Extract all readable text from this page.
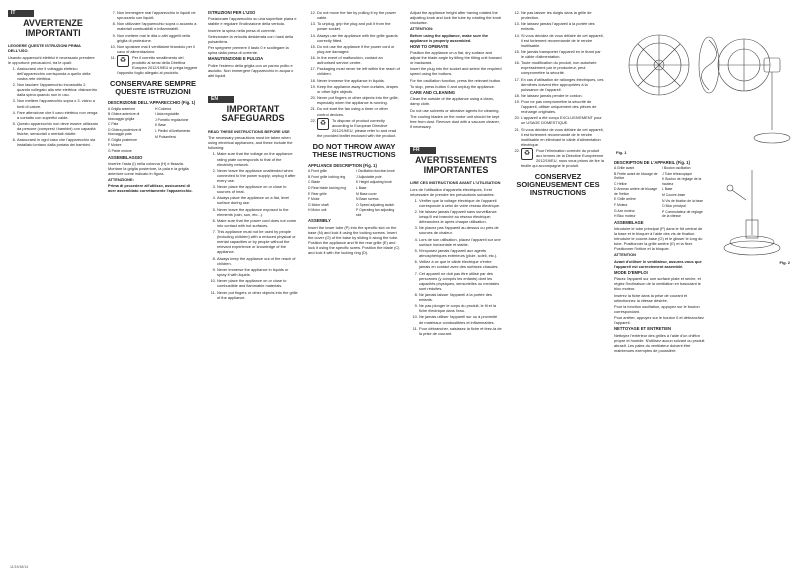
IT
AVVERTENZE IMPORTANTI

LEGGERE QUESTE ISTRUZIONI PRIMA DELL'USO.

Usando apparecchi elettrici è necessario prendere le opportune precauzioni, tra le quali:

1. Assicurarsi che il voltaggio elettrico dell'apparecchio corrisponda a quello della vostra rete elettrica.
2. Non lasciare l'apparecchio incustodito 2. quando collegato alla rete elettrica: disinserirlo dalla spina quando non in uso.
3. Non mettere l'apparecchio sopra o 3. vicino a fonti di calore.
4. Fare attenzione che il cavo elettrico non venga a contatto con superfici calde.
5. Questo apparecchio non deve essere utilizzato da persone (compresi i bambini) con capacità fisiche, sensoriali o mentali ridotte.
6. Assicurarsi in ogni caso che l'apparecchio sia installato lontano dalla portata dei bambini.
7. Non immergere mai l'apparecchio in liquidi né spruzzarlo con liquidi.
8. Non utilizzare l'apparecchio sopra o accanto a materiali combustibili e infiammabili.
9. Non mettere mai le dita o altri oggetti nella griglia di protezione.
10. Non spostare mai il ventilatore tirandolo per il cavo di alimentazione.
11. ♻	Per il corretto smaltimento del prodotto ai sensi della Direttiva Europea 2012/19/EU si prega leggere l'apposito foglio allegato al prodotto.
CONSERVARE SEMPRE QUESTE ISTRUZIONI

DESCRIZIONE DELL'APPARECCHIO (Fig. 1)

A Griglia anteriore
B Ghiera anteriore di bloccaggio griglia
C Pala
D Ghiera posteriore di bloccaggio pala
E Griglia posteriore
F Motore
G Piede motore
H Colonna
I Asta regolabile
J Pomello regolazione
K Base
L Piedini di livellamento
M Pulsantiera

ASSEMBLAGGIO

Inserire l'asta (I) nella colonna (H) e fissarla. Montare la griglia posteriore, la pala e la griglia anteriore come indicato in figura.

ATTENZIONE:

Prima di procedere all'utilizzo, assicurarsi di aver assemblato correttamente l'apparecchio.

ISTRUZIONI PER L'USO

Posizionare l'apparecchio su una superficie piana e stabile e regolare l'inclinazione della ventola.

Inserire la spina nella presa di corrente.

Selezionare la velocità desiderata con i tasti della pulsantiera.

Per spegnere premere il tasto 0 e scollegare la spina dalla presa di corrente.

MANUTENZIONE E PULIZIA

Pulire l'esterno della griglia con un panno pulito e asciutto. Non immergere l'apparecchio in acqua o altri liquidi.

EN
IMPORTANT SAFEGUARDS

READ THESE INSTRUCTIONS BEFORE USE

The necessary precautions must be taken when using electrical appliances, and these include the following:

1. Make sure that the voltage on the appliance rating plate corresponds to that of the electricity network.
2. Never leave the appliance unattended when connected to the power supply; unplug it after every use.
3. Never place the appliance on or close to sources of heat.
4. Always place the appliance on a flat, level surface during use.
5. Never leave the appliance exposed to the elements (rain, sun, etc...).
6. Make sure that the power cord does not come into contact with hot surfaces.
7. This appliance must not be used by people (including children) with a reduced physical or mental capacities or by people without the relevant experience or knowledge of the appliance.
8. Always keep the appliance out of the reach of children.
9. Never immerse the appliance in liquids or spray it with liquids.
10. Never place the appliance on or close to combustible and flammable materials.
11. Never put fingers or other objects into the grille of the appliance.
12. Do not move the fan by pulling it by the power cable.
13. To unplug, grip the plug and pull it from the power socket.
14. Always use the appliance with the grille guards correctly fitted.
15. Do not use the appliance if the power cord or plug are damaged.
16. In the event of malfunction, contact an authorised service centre.
17. Packaging must never be left within the reach of children.
18. Never immerse the appliance in liquids.
19. Keep the appliance away from curtains, drapes or other light objects.
20. Never put fingers or other objects into the grille, especially when the appliance is running.
21. Do not start the fan using a timer or other control devices.
22. ♻	To dispose of product correctly according to European Directive 2012/19/EU, please refer to and read the provided leaflet enclosed with the product.
DO NOT THROW AWAY THESE INSTRUCTIONS

APPLIANCE DESCRIPTION (Fig. 1)

A Front grille
B Front grille locking ring
C Blade
D Rear blade locking ring
E Rear grille
F Motor
G Motor shaft
H Motor unit
I Oscillation function knob
J Adjustable pole
K Height adjusting knob
L Base
M Base cover
N Base screws
O Speed adjusting switch
P Operating fan adjusting slot

ASSEMBLY

Insert the lower tube (P) into the specific slot on the base (N) and lock it using the locking screws. Insert the cover (O) of the base by sliding it along the tube. Position the appliance and fit the rear grille (E) and lock it using the specific screw. Position the blade (C) and lock it with the locking ring (D).

Adjust the appliance height after having rotated the adjusting knob and lock the tube by rotating the knob clockwise.

ATTENTION:

Before using the appliance, make sure the appliance is properly assembled.

HOW TO OPERATE

Position the appliance on a flat, dry surface and adjust the blade angle by tilting the tilting unit forward or backward.

Insert the plug into the socket and select the required speed using the buttons.

For the oscillation function, press the relevant button.

To stop, press button 0 and unplug the appliance.

CARE AND CLEANING

Clean the outside of the appliance using a clean, damp cloth.

Do not use solvents or abrasive agents for cleaning.

The cooling blades on the motor unit should be kept free from dust. Remove dust with a vacuum cleaner, if necessary.

FR
AVERTISSEMENTS IMPORTANTES

LIRE CES INSTRUCTIONS AVANT L'UTILISATION

Lors de l'utilisation d'appareils électriques, il est nécessaire de prendre les précautions suivantes:

1. Vérifier que la voltage électrique de l'appareil corresponde à celui de votre réseau électrique.
2. Ne laissez jamais l'appareil sans surveillance lorsqu'il est branché au réseau électrique; débranchez-le après chaque utilisation.
3. Ne placez pas l'appareil au-dessus ou près de sources de chaleur.
4. Lors de son utilisation, placez l'appareil sur une surface horizontale et stable.
5. N'exposez jamais l'appareil aux agents atmosphériques extérieurs (pluie, soleil, etc.).
6. Veillez à ce que le câble électrique n'entre jamais en contact avec des surfaces chaudes.
7. Cet appareil ne doit pas être utilisé par des personnes (y compris les enfants) dont les capacités physiques, sensorielles ou mentales sont réduites.
8. Ne jamais laisser l'appareil à la portée des enfants.
9. Ne pas plonger le corps du produit, le fil et la fiche électrique dans l'eau.
10. Ne jamais utiliser l'appareil sur ou à proximité de matériaux combustibles et inflammables.
11. Pour débrancher, saisissez la fiche et tirez-la de la prise de courant.
12. Ne pas laisser les doigts dans la grille de protection.
13. Ne laissez jamais l'appareil à la portée des enfants.
14. Si vous décidez de vous défaire de cet appareil, il est fortement recommandé de le rendre inutilisable.
15. Ne jamais transporter l'appareil en le tirant par le câble d'alimentation.
16. Toute modification du produit, non autorisée expressément par le producteur, peut compromettre la sécurité.
17. En cas d'utilisation de rallonges électriques, ces dernières doivent être appropriées à la puissance de l'appareil.
18. Ne laissez jamais pendre le cordon.
19. Pour ne pas compromettre la sécurité de l'appareil, utiliser uniquement des pièces de rechange originales.
20. L'appareil a été conçu EXCLUSIVEMENT pour un USAGE DOMESTIQUE.
21. Si vous décidez de vous défaire de cet appareil, il est fortement recommandé de le rendre inutilisable en éliminant le câble d'alimentation électrique.
22. ♻	Pour l'élimination correcte du produit aux termes de la Directive Européenne 2012/19/EU, nous vous prions de lire la feuille qui accompagne le produit.
CONSERVEZ SOIGNEUSEMENT CES INSTRUCTIONS
Fig. 1

DESCRIPTION DE L'APPAREIL (Fig. 1)

A Grille avant
B Frette avant de blocage de l'hélice
C Hélice
D Anneau arrière de blocage de l'hélice
E Grille arrière
F Moteur
G Axe moteur
H Bloc moteur
I Bouton oscillation
J Tube télescopique
K Bouton de réglage de la hauteur
L Base
M Couvre-base
N Vis de fixation de la base
O Bloc principal
P Commutateur de réglage de la vitesse

ASSEMBLAGE

Introduire le tube principal (P) dans le fût central de la base et le bloquer à l'aide des vis de fixation. Introduire le couvre-base (O) et le glisser le long du tube. Positionner la grille arrière (E) et la fixer. Positionner l'hélice et la bloquer.

ATTENTION

Avant d'utiliser le ventilateur, assurez-vous que l'appareil est correctement assemblé.

MODE D'EMPLOI

Placez l'appareil sur une surface plate et sèche, et réglez l'inclinaison de la ventilation en basculant le bloc moteur.

Insérez la fiche dans la prise de courant et sélectionnez la vitesse désirée.

Pour la fonction oscillation, appuyez sur le bouton correspondant.

Pour arrêter, appuyez sur le bouton 0 et débranchez l'appareil.

NETTOYAGE ET ENTRETIEN

Nettoyez l'extérieur des grilles à l'aide d'un chiffon propre et humide. N'utilisez aucun solvant ou produit abrasif. Les pales du ventilateur doivent être maintenues exemptes de poussière.

Fig. 2
11/19/18/14
